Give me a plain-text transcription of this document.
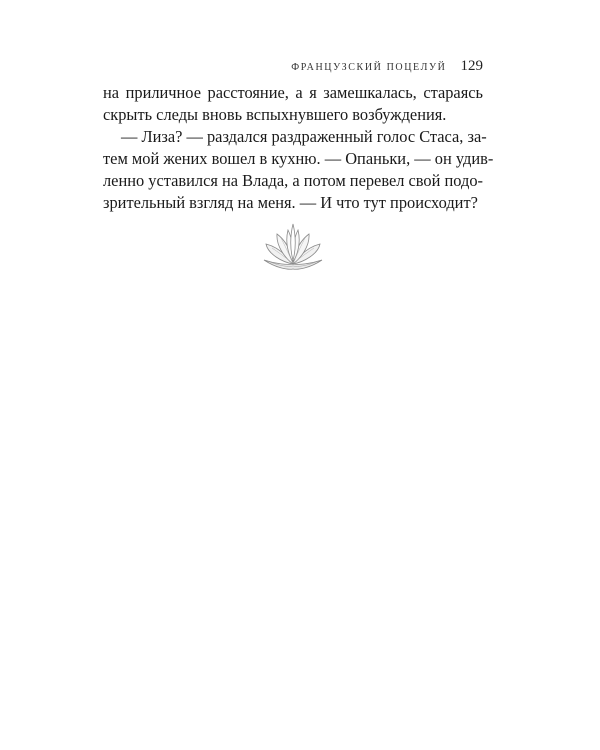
ФРАНЦУЗСКИЙ ПОЦЕЛУЙ 129
на приличное расстояние, а я замешкалась, стараясь
скрыть следы вновь вспыхнувшего возбуждения.
— Лиза? — раздался раздраженный голос Стаса, за-
тем мой жених вошел в кухню. — Опаньки, — он удив-
ленно уставился на Влада, а потом перевел свой подо-
зрительный взгляд на меня. — И что тут происходит?
